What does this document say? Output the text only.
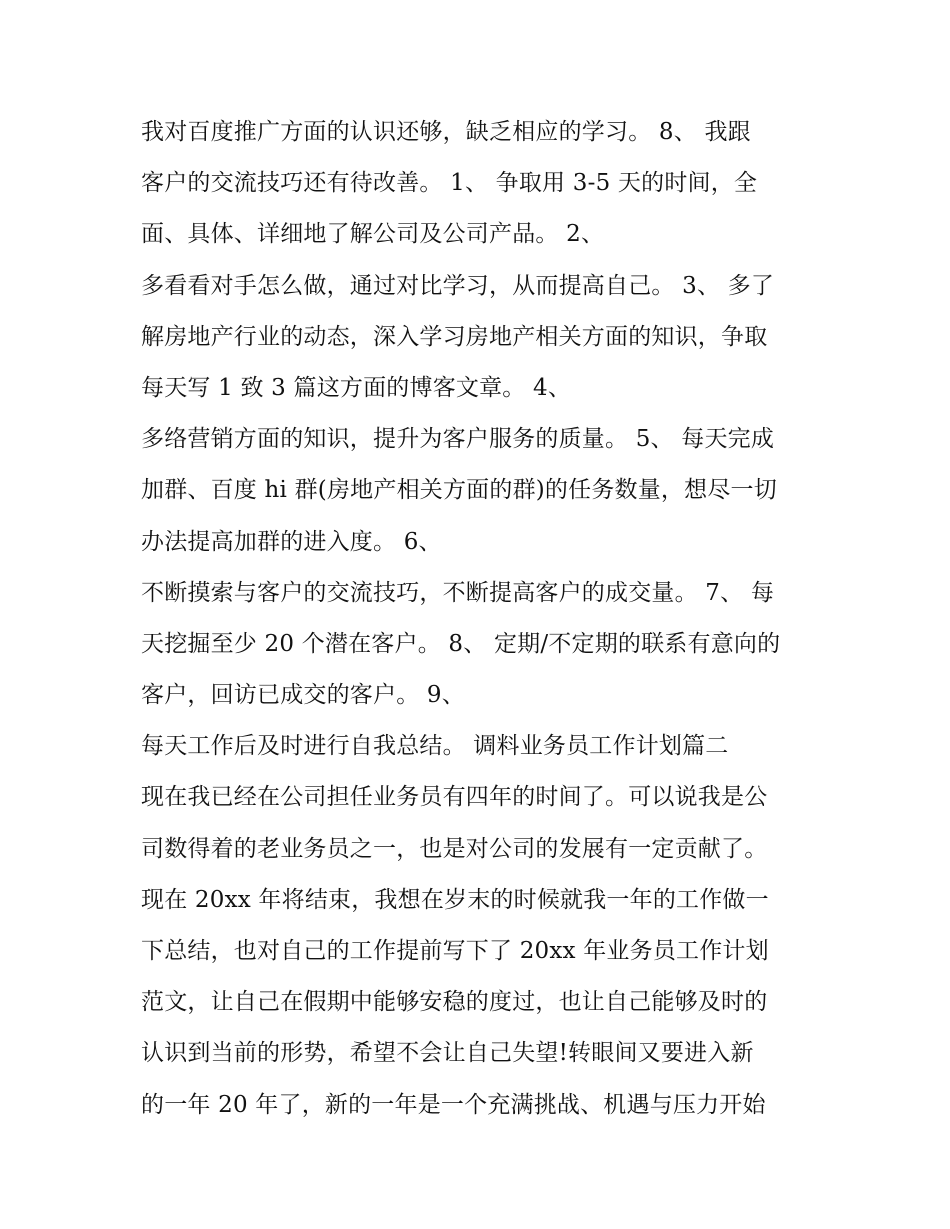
我对百度推广方面的认识还够，缺乏相应的学习。 8、 我跟
客户的交流技巧还有待改善。 1、 争取用 3-5 天的时间，全
面、具体、详细地了解公司及公司产品。 2、
多看看对手怎么做，通过对比学习，从而提高自己。 3、 多了
解房地产行业的动态，深入学习房地产相关方面的知识，争取
每天写 1 致 3 篇这方面的博客文章。 4、
多络营销方面的知识，提升为客户服务的质量。 5、 每天完成
加群、百度 hi 群(房地产相关方面的群)的任务数量，想尽一切
办法提高加群的进入度。 6、
不断摸索与客户的交流技巧，不断提高客户的成交量。 7、 每
天挖掘至少 20 个潜在客户。 8、 定期/不定期的联系有意向的
客户，回访已成交的客户。 9、
每天工作后及时进行自我总结。 调料业务员工作计划篇二
现在我已经在公司担任业务员有四年的时间了。可以说我是公
司数得着的老业务员之一，也是对公司的发展有一定贡献了。
现在 20xx 年将结束，我想在岁末的时候就我一年的工作做一
下总结，也对自己的工作提前写下了 20xx 年业务员工作计划
范文，让自己在假期中能够安稳的度过，也让自己能够及时的
认识到当前的形势，希望不会让自己失望!转眼间又要进入新
的一年 20 年了，新的一年是一个充满挑战、机遇与压力开始
